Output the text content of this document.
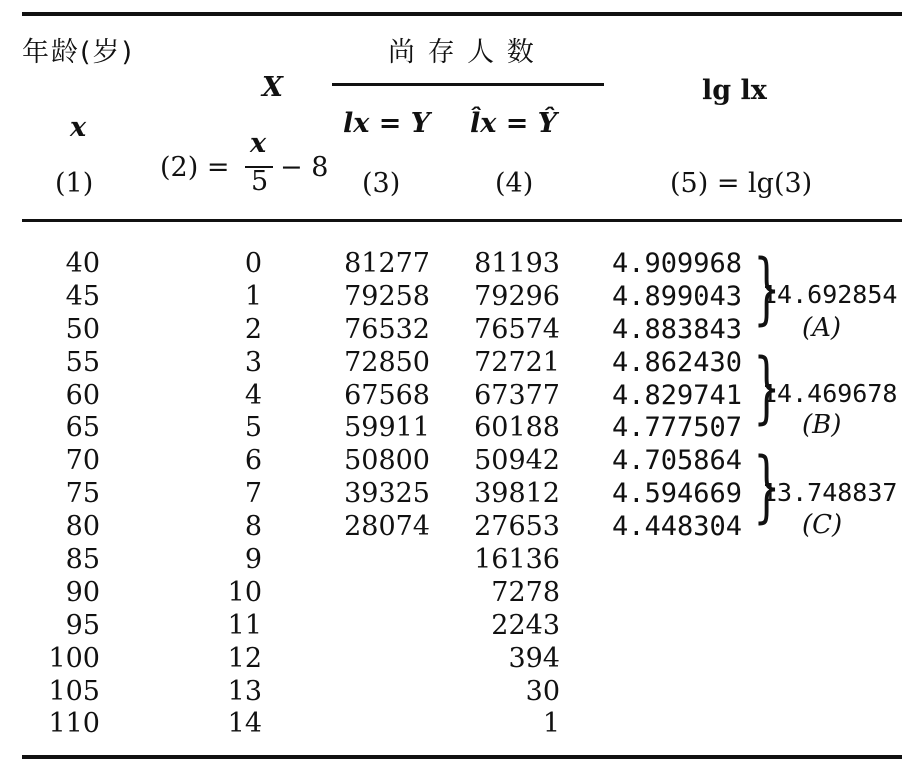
年龄(岁)
x
(1)
X
(2) =
x
5 − 8
尚 存 人 数
lx = Y
(3)
l̂x = Ŷ
(4)
lg lx
(5) = lg(3)
40
45
50
55
60
65
70
75
80
85
90
95
100
105
110
0
1
2
3
4
5
6
7
8
9
10
11
12
13
14
81277
79258
76532
72850
67568
59911
50800
39325
28074
81193
79296
76574
72721
67377
60188
50942
39812
27653
16136
7278
2243
394
30
1
4.909968
4.899043
4.883843
4.862430
4.829741
4.777507
4.705864
4.594669
4.448304
}
14.692854
(A)
}
14.469678
(B)
}
13.748837
(C)
